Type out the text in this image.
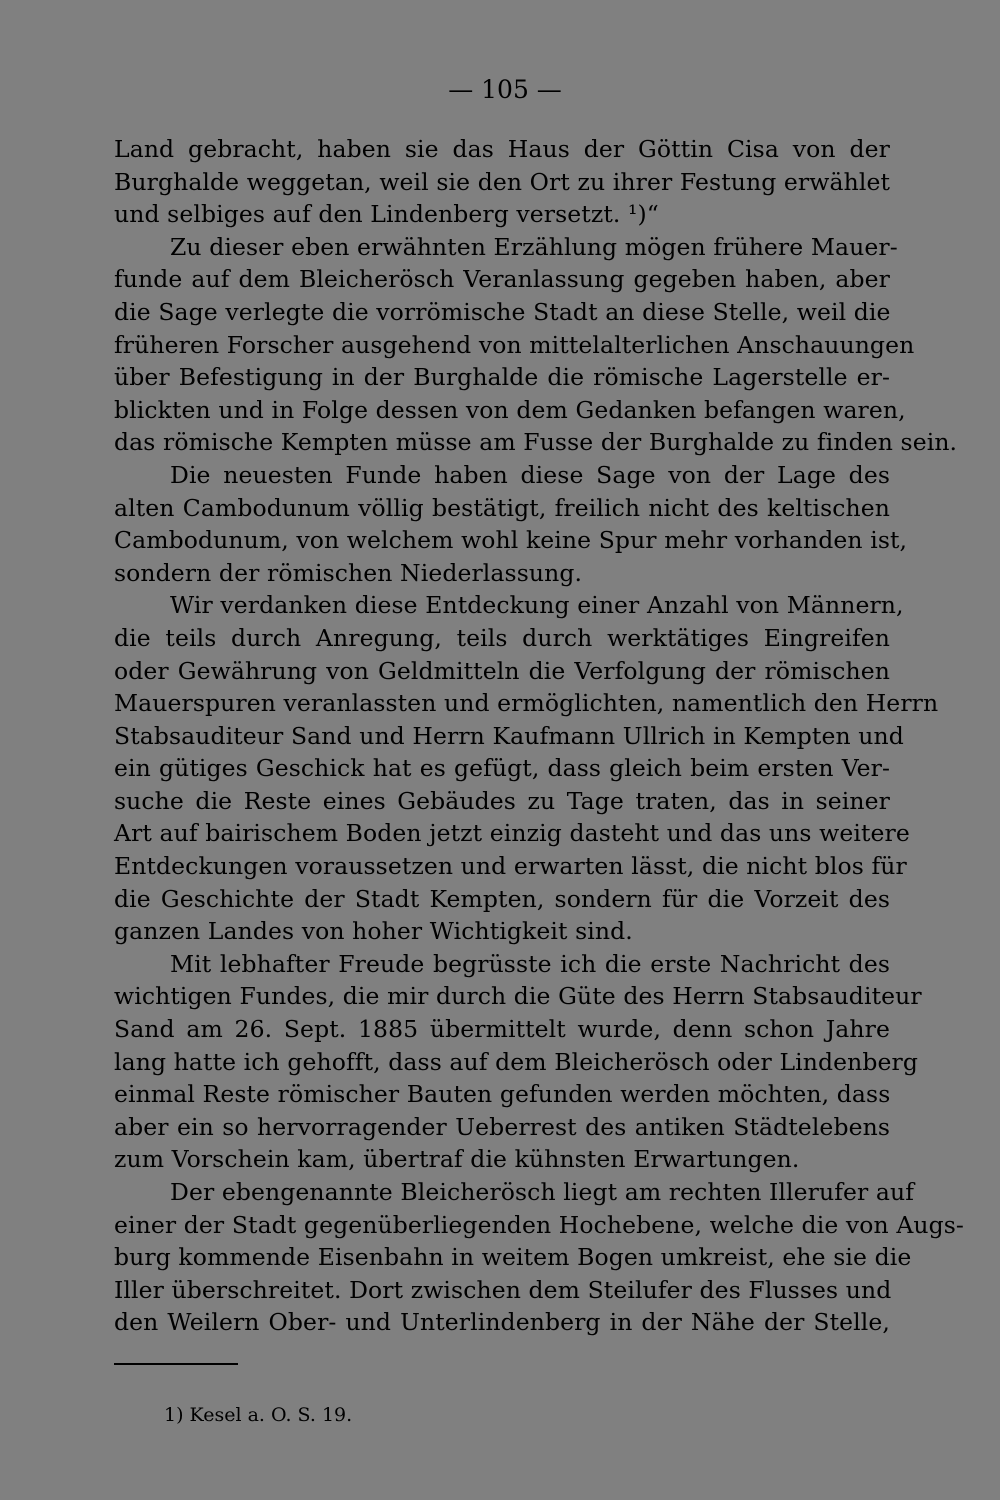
— 105 —
Land gebracht, haben sie das Haus der Göttin Cisa von der
Burghalde weggetan, weil sie den Ort zu ihrer Festung erwählet
und selbiges auf den Lindenberg versetzt. ¹)“
Zu dieser eben erwähnten Erzählung mögen frühere Mauer-
funde auf dem Bleicherösch Veranlassung gegeben haben, aber
die Sage verlegte die vorrömische Stadt an diese Stelle, weil die
früheren Forscher ausgehend von mittelalterlichen Anschauungen
über Befestigung in der Burghalde die römische Lagerstelle er-
blickten und in Folge dessen von dem Gedanken befangen waren,
das römische Kempten müsse am Fusse der Burghalde zu finden sein.
Die neuesten Funde haben diese Sage von der Lage des
alten Cambodunum völlig bestätigt, freilich nicht des keltischen
Cambodunum, von welchem wohl keine Spur mehr vorhanden ist,
sondern der römischen Niederlassung.
Wir verdanken diese Entdeckung einer Anzahl von Männern,
die teils durch Anregung, teils durch werktätiges Eingreifen
oder Gewährung von Geldmitteln die Verfolgung der römischen
Mauerspuren veranlassten und ermöglichten, namentlich den Herrn
Stabsauditeur Sand und Herrn Kaufmann Ullrich in Kempten und
ein gütiges Geschick hat es gefügt, dass gleich beim ersten Ver-
suche die Reste eines Gebäudes zu Tage traten, das in seiner
Art auf bairischem Boden jetzt einzig dasteht und das uns weitere
Entdeckungen voraussetzen und erwarten lässt, die nicht blos für
die Geschichte der Stadt Kempten, sondern für die Vorzeit des
ganzen Landes von hoher Wichtigkeit sind.
Mit lebhafter Freude begrüsste ich die erste Nachricht des
wichtigen Fundes, die mir durch die Güte des Herrn Stabsauditeur
Sand am 26. Sept. 1885 übermittelt wurde, denn schon Jahre
lang hatte ich gehofft, dass auf dem Bleicherösch oder Lindenberg
einmal Reste römischer Bauten gefunden werden möchten, dass
aber ein so hervorragender Ueberrest des antiken Städtelebens
zum Vorschein kam, übertraf die kühnsten Erwartungen.
Der ebengenannte Bleicherösch liegt am rechten Illerufer auf
einer der Stadt gegenüberliegenden Hochebene, welche die von Augs-
burg kommende Eisenbahn in weitem Bogen umkreist, ehe sie die
Iller überschreitet. Dort zwischen dem Steilufer des Flusses und
den Weilern Ober- und Unterlindenberg in der Nähe der Stelle,
1) Kesel a. O. S. 19.
